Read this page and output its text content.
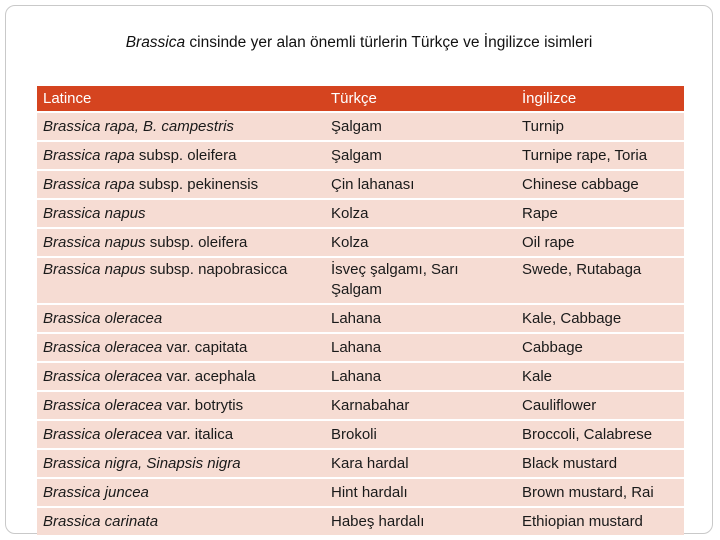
Brassica cinsinde yer alan önemli türlerin Türkçe ve İngilizce isimleri
Latince	Türkçe	İngilizce
Brassica rapa, B. campestris	Şalgam	Turnip
Brassica rapa subsp. oleifera	Şalgam	Turnipe rape, Toria
Brassica rapa subsp. pekinensis	Çin lahanası	Chinese cabbage
Brassica napus	Kolza	Rape
Brassica napus subsp. oleifera	Kolza	Oil rape
Brassica napus subsp. napobrasicca	İsveç şalgamı, Sarı Şalgam	Swede, Rutabaga
Brassica oleracea	Lahana	Kale, Cabbage
Brassica oleracea var. capitata	Lahana	Cabbage
Brassica oleracea var. acephala	Lahana	Kale
Brassica oleracea var. botrytis	Karnabahar	Cauliflower
Brassica oleracea var. italica	Brokoli	Broccoli, Calabrese
Brassica nigra, Sinapsis nigra	Kara hardal	Black mustard
Brassica juncea	Hint hardalı	Brown mustard, Rai
Brassica carinata	Habeş hardalı	Ethiopian mustard
